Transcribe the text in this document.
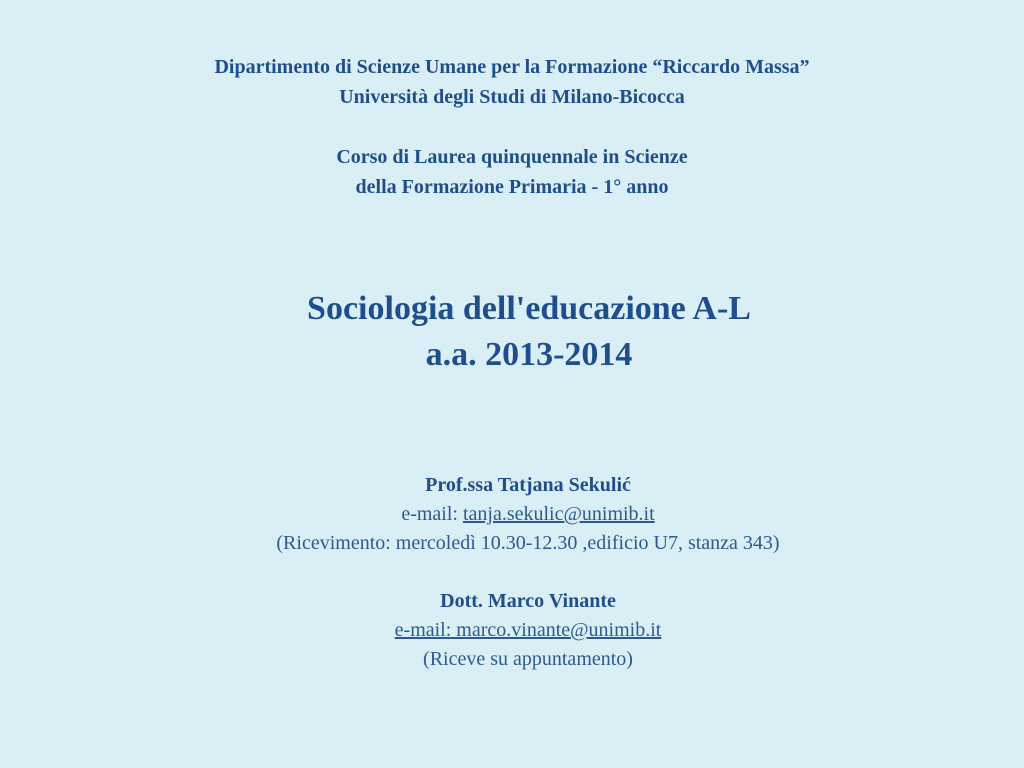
Dipartimento di Scienze Umane per la Formazione “Riccardo Massa”
Università degli Studi di Milano-Bicocca
Corso di Laurea quinquennale in Scienze
della Formazione Primaria - 1° anno
Sociologia dell'educazione A-L
a.a. 2013-2014
Prof.ssa Tatjana Sekulić
e-mail: tanja.sekulic@unimib.it
(Ricevimento: mercoledì 10.30-12.30 ,edificio U7, stanza 343)
Dott. Marco Vinante
e-mail: marco.vinante@unimib.it
(Riceve su appuntamento)
